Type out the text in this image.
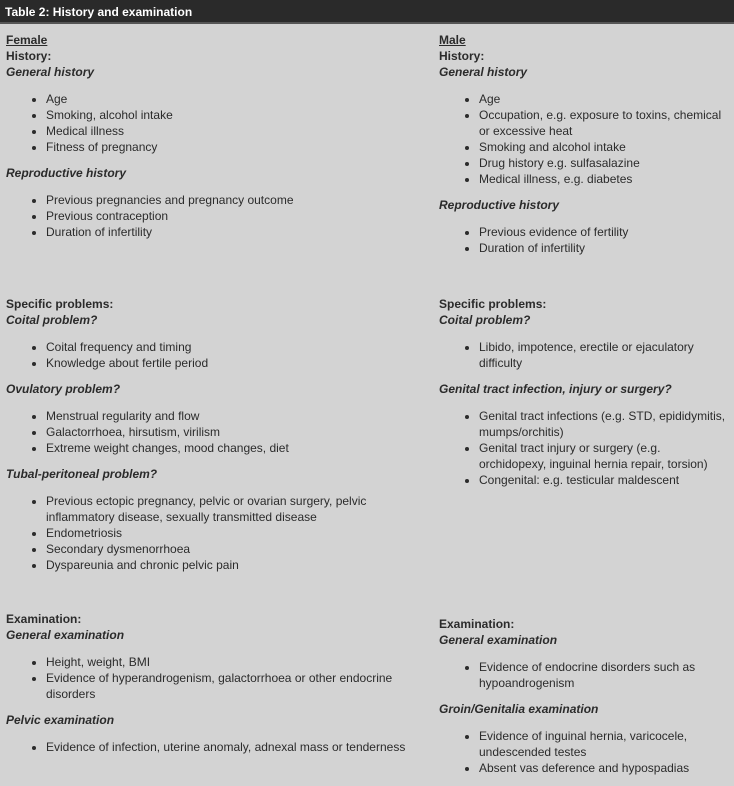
Table 2: History and examination
Female
History:
General history
• Age
• Smoking, alcohol intake
• Medical illness
• Fitness of pregnancy
Reproductive history
• Previous pregnancies and pregnancy outcome
• Previous contraception
• Duration of infertility
Specific problems:
Coital problem?
• Coital frequency and timing
• Knowledge about fertile period
Ovulatory problem?
• Menstrual regularity and flow
• Galactorrhoea, hirsutism, virilism
• Extreme weight changes, mood changes, diet
Tubal-peritoneal problem?
• Previous ectopic pregnancy, pelvic or ovarian surgery, pelvic inflammatory disease, sexually transmitted disease
• Endometriosis
• Secondary dysmenorrhoea
• Dyspareunia and chronic pelvic pain
Examination:
General examination
• Height, weight, BMI
• Evidence of hyperandrogenism, galactorrhoea or other endocrine disorders
Pelvic examination
• Evidence of infection, uterine anomaly, adnexal mass or tenderness
Male
History:
General history
• Age
• Occupation, e.g. exposure to toxins, chemical or excessive heat
• Smoking and alcohol intake
• Drug history e.g. sulfasalazine
• Medical illness, e.g. diabetes
Reproductive history
• Previous evidence of fertility
• Duration of infertility
Specific problems:
Coital problem?
• Libido, impotence, erectile or ejaculatory difficulty
Genital tract infection, injury or surgery?
• Genital tract infections (e.g. STD, epididymitis, mumps/orchitis)
• Genital tract injury or surgery (e.g. orchidopexy, inguinal hernia repair, torsion)
• Congenital: e.g. testicular maldescent
Examination:
General examination
• Evidence of endocrine disorders such as hypoandrogenism
Groin/Genitalia examination
• Evidence of inguinal hernia, varicocele, undescended testes
• Absent vas deference and hypospadias
